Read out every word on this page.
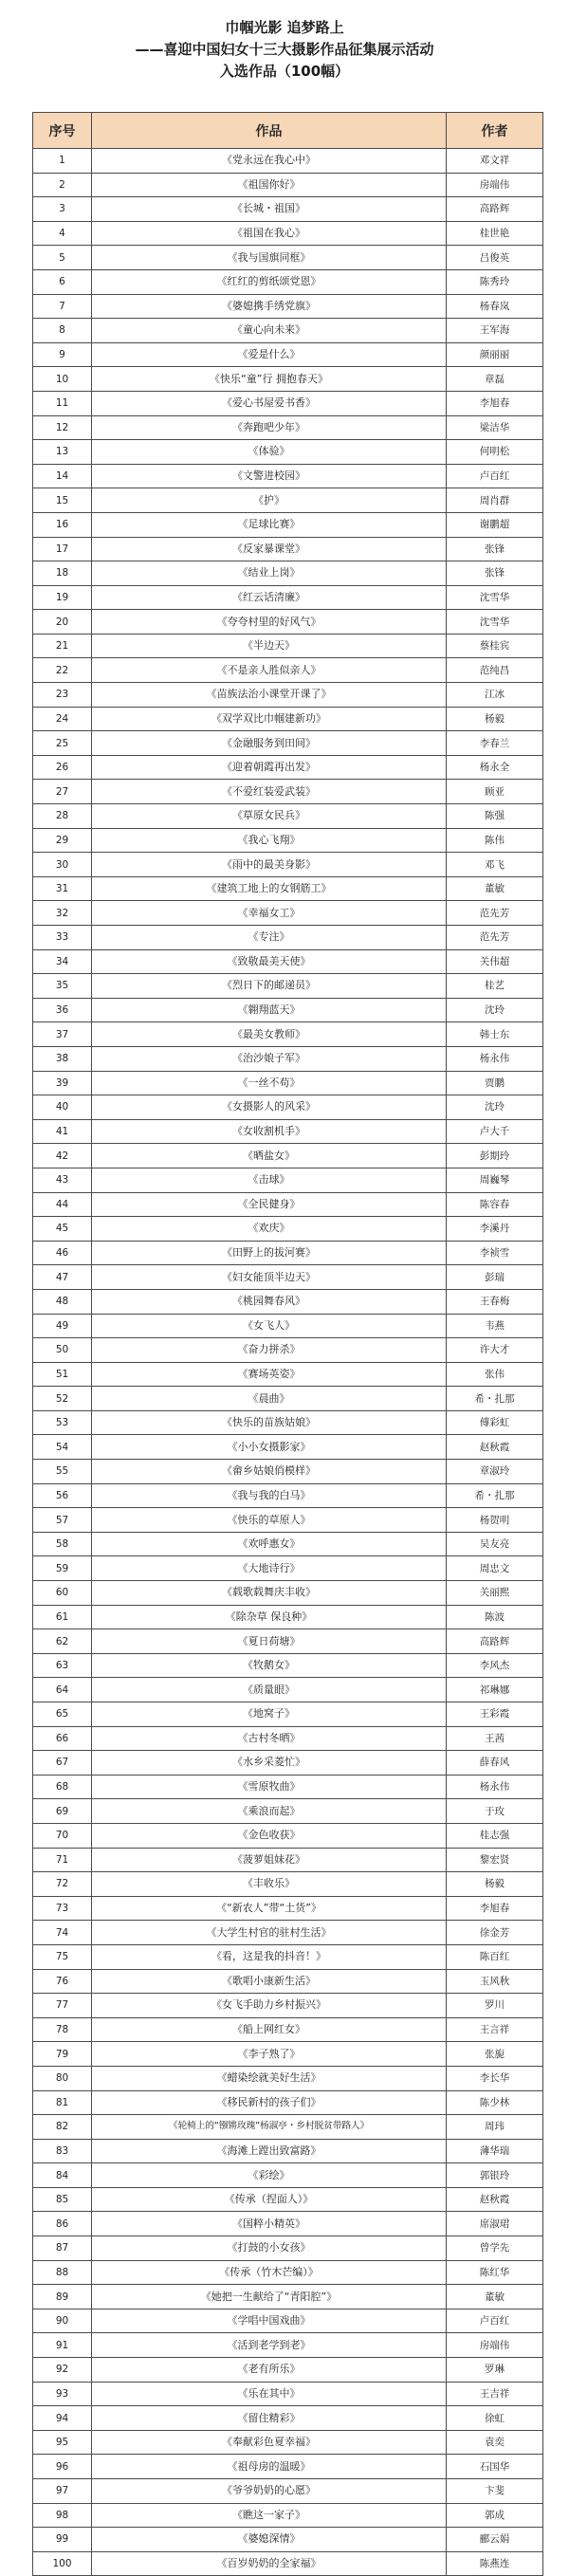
巾帼光影 追梦路上
——喜迎中国妇女十三大摄影作品征集展示活动
入选作品（100幅）
序号	作品	作者
1	《党永远在我心中》	邓文祥
2	《祖国你好》	房端伟
3	《长城・祖国》	高路辉
4	《祖国在我心》	桂世艳
5	《我与国旗同框》	吕俊英
6	《红红的剪纸颂党恩》	陈秀玲
7	《婆媳携手绣党旗》	杨春岚
8	《童心向未来》	王军海
9	《爱是什么》	颜丽丽
10	《快乐“童”行 拥抱春天》	章磊
11	《爱心书屋爱书香》	李旭春
12	《奔跑吧少年》	梁洁华
13	《体验》	何明松
14	《文警进校园》	卢百红
15	《护》	周肖群
16	《足球比赛》	谢鹏超
17	《反家暴课堂》	张锋
18	《结业上岗》	张锋
19	《红云话清廉》	沈雪华
20	《夸夸村里的好风气》	沈雪华
21	《半边天》	蔡桂宾
22	《不是亲人胜似亲人》	范纯昌
23	《苗族法治小课堂开课了》	江冰
24	《双学双比巾帼建新功》	杨毅
25	《金融服务到田间》	李春兰
26	《迎着朝霞再出发》	杨永全
27	《不爱红装爱武装》	顾亚
28	《草原女民兵》	陈强
29	《我心飞翔》	陈伟
30	《雨中的最美身影》	邓飞
31	《建筑工地上的女钢筋工》	董敏
32	《幸福女工》	范先芳
33	《专注》	范先芳
34	《致敬最美天使》	关伟超
35	《烈日下的邮递员》	桂艺
36	《翱翔蓝天》	沈玲
37	《最美女教师》	韩士东
38	《治沙娘子军》	杨永伟
39	《一丝不苟》	贾鹏
40	《女摄影人的风采》	沈玲
41	《女收割机手》	卢大千
42	《晒盐女》	彭期玲
43	《击球》	周巍琴
44	《全民健身》	陈容春
45	《欢庆》	李溪丹
46	《田野上的拔河赛》	李祯雪
47	《妇女能顶半边天》	彭瑞
48	《桃园舞春风》	王春梅
49	《女飞人》	韦燕
50	《奋力拼杀》	许大才
51	《赛场英姿》	张伟
52	《晨曲》	希・扎那
53	《快乐的苗族姑娘》	傅彩虹
54	《小小女摄影家》	赵秋霞
55	《畲乡姑娘俏模样》	章淑玲
56	《我与我的白马》	希・扎那
57	《快乐的草原人》	杨贺明
58	《欢呼惠女》	吴友亮
59	《大地诗行》	周忠文
60	《载歌载舞庆丰收》	关丽熙
61	《除杂草 保良种》	陈波
62	《夏日荷塘》	高路辉
63	《牧鹅女》	李风杰
64	《质量眼》	祁琳娜
65	《地窝子》	王彩霞
66	《古村冬晒》	王茜
67	《水乡采菱忙》	薛春风
68	《雪原牧曲》	杨永伟
69	《乘浪而起》	于玫
70	《金色收获》	桂志强
71	《菠萝姐妹花》	黎宏贤
72	《丰收乐》	杨毅
73	《“新农人”带“土货”》	李旭春
74	《大学生村官的驻村生活》	徐金芳
75	《看，这是我的抖音！》	陈百红
76	《歌唱小康新生活》	玉风秋
77	《女飞手助力乡村振兴》	罗川
78	《船上网红女》	王言祥
79	《李子熟了》	张旎
80	《蜡染绘就美好生活》	李长华
81	《移民新村的孩子们》	陈少林
82	《轮椅上的“镪锵玫瑰”杨淑亭・乡村脱贫带路人》	周玮
83	《海滩上蹚出致富路》	薄华瑞
84	《彩绘》	郭银玲
85	《传承（捏面人）》	赵秋霞
86	《国粹小精英》	席淑珺
87	《打鼓的小女孩》	曾学先
88	《传承（竹木芒编）》	陈红华
89	《她把一生献给了“青阳腔”》	董敏
90	《学唱中国戏曲》	卢百红
91	《活到老学到老》	房端伟
92	《老有所乐》	罗琳
93	《乐在其中》	王吉祥
94	《留住精彩》	徐虹
95	《奉献彩色夏幸福》	袁奕
96	《祖母房的温暖》	石国华
97	《爷爷奶奶的心愿》	卞斐
98	《瞧这一家子》	郭成
99	《婆媳深情》	郦云娟
100	《百岁奶奶的全家福》	陈燕连
